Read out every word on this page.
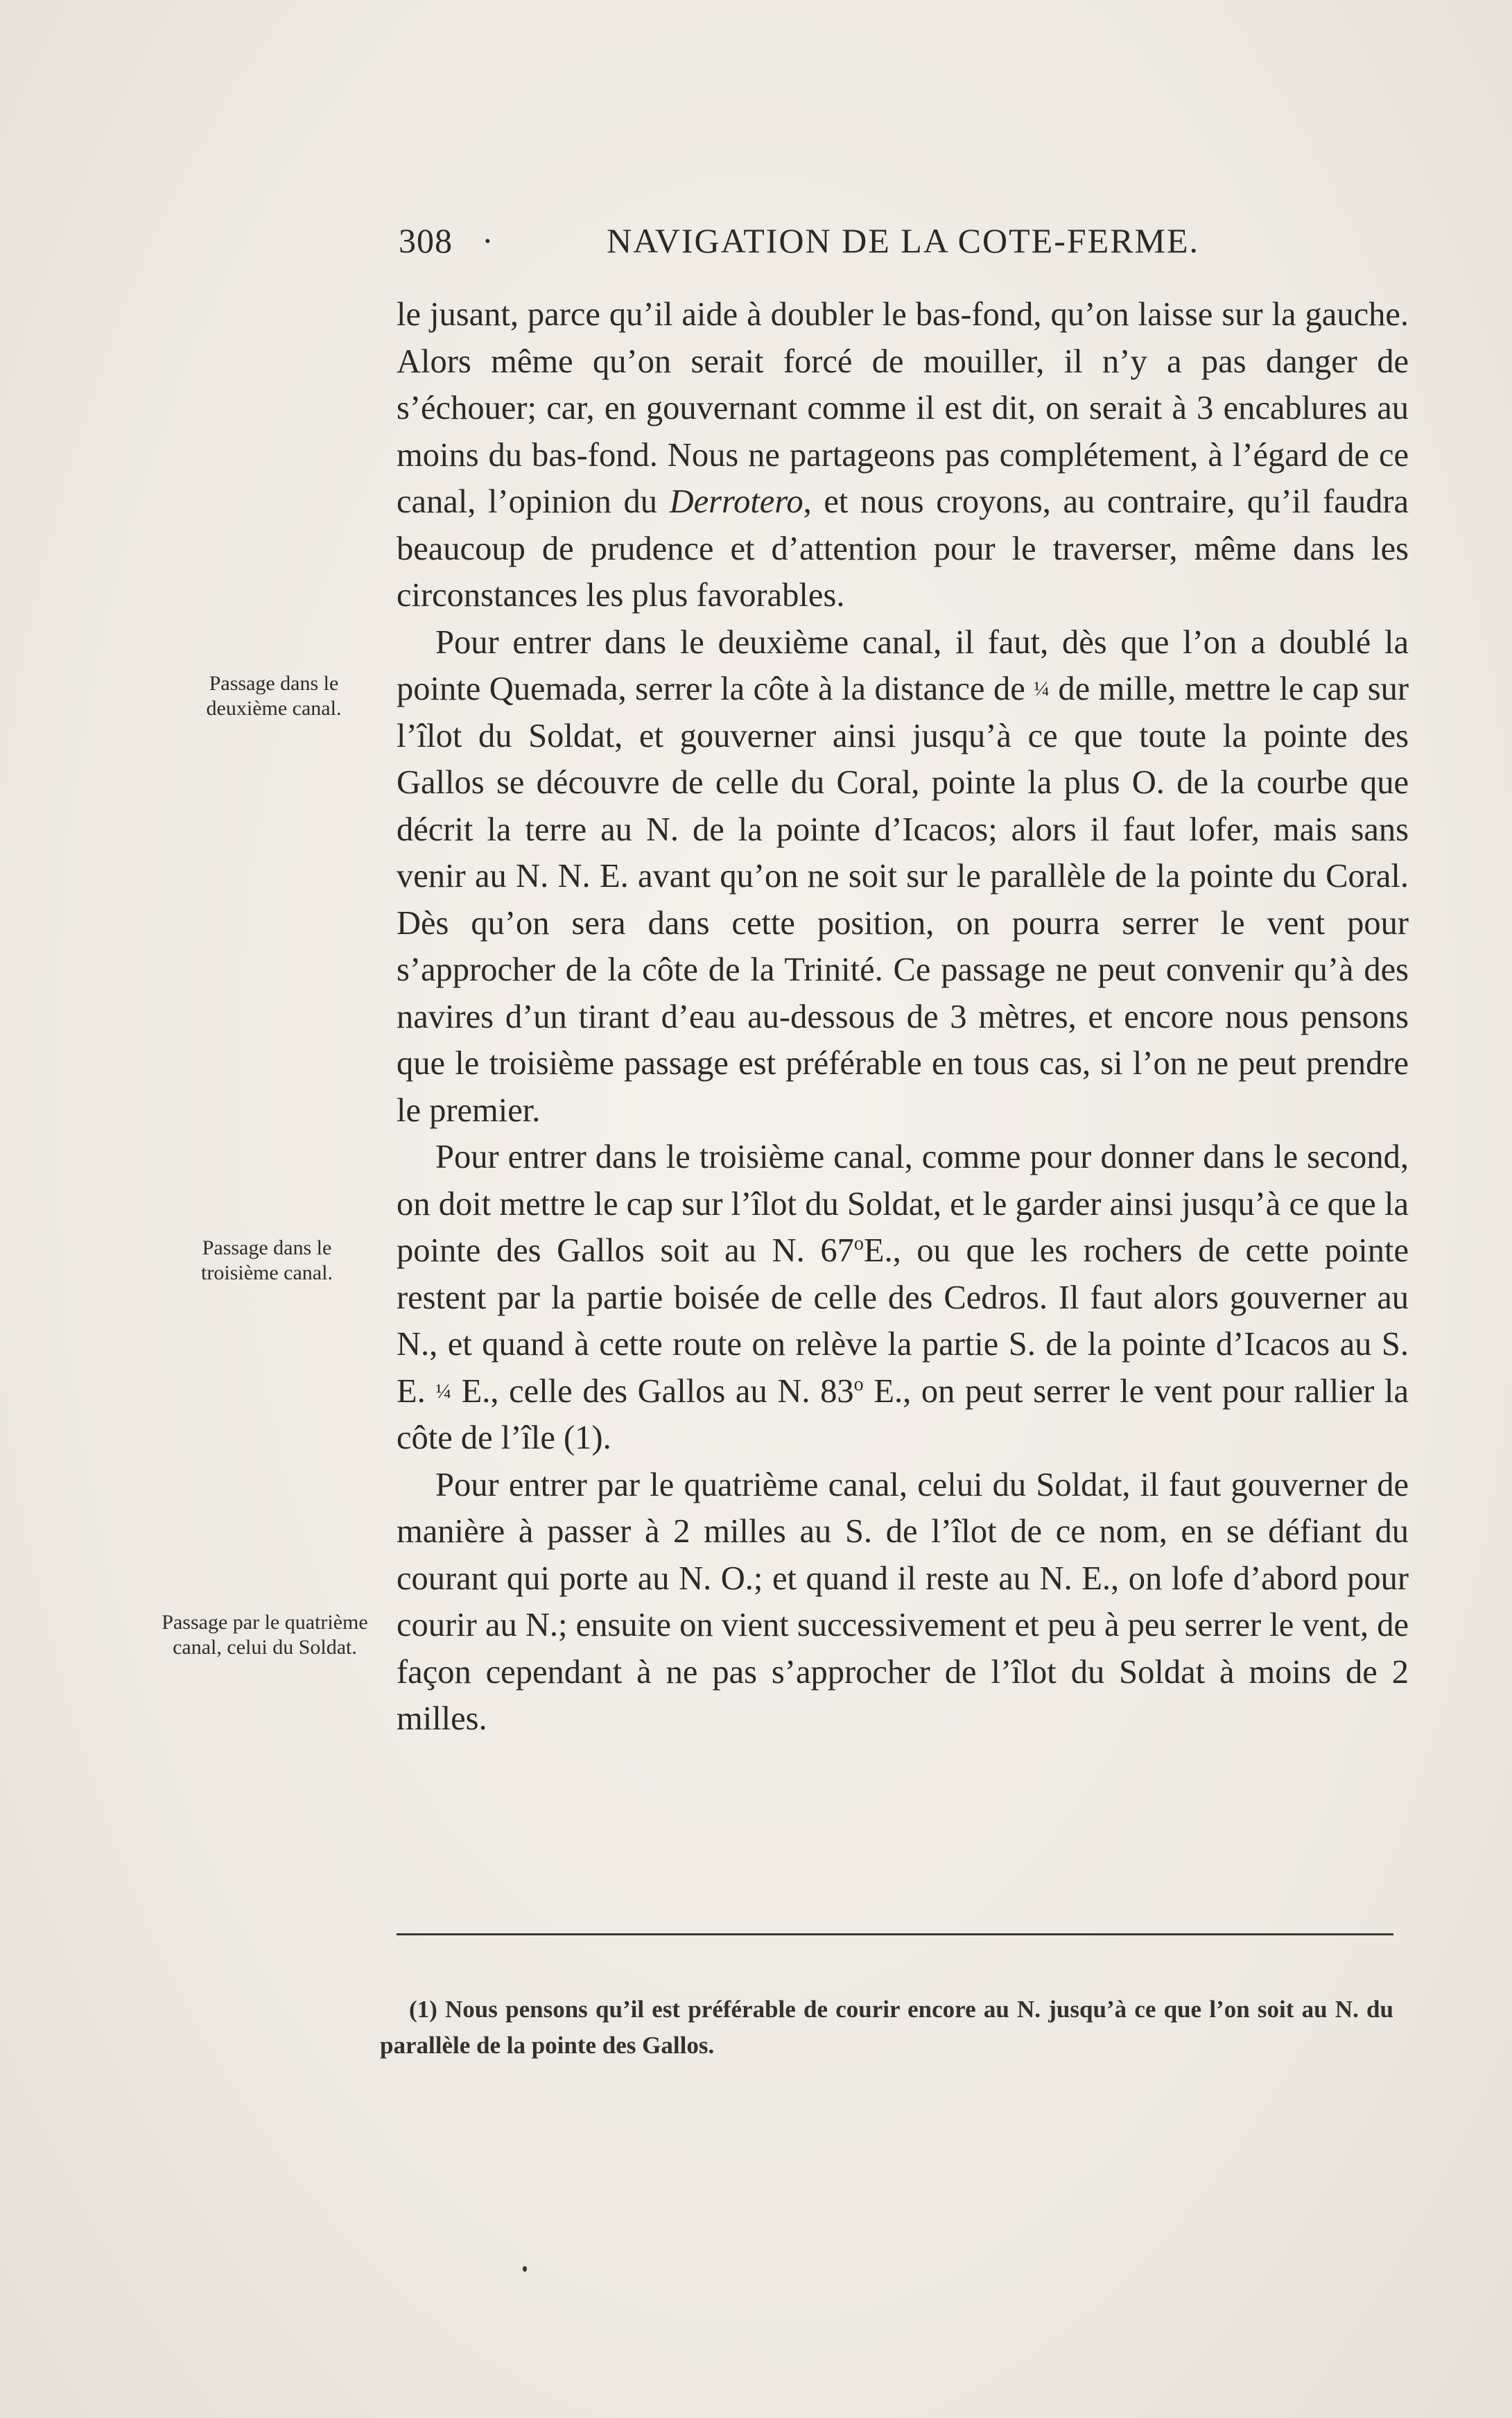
308 ·	NAVIGATION DE LA COTE-FERME.
Passage dans le deuxième canal.
Passage dans le troisième canal.
Passage par le quatrième canal, celui du Soldat.

le jusant, parce qu’il aide à doubler le bas-fond, qu’on laisse sur la gauche. Alors même qu’on serait forcé de mouiller, il n’y a pas danger de s’échouer; car, en gouvernant comme il est dit, on serait à 3 encablures au moins du bas-fond. Nous ne partageons pas complétement, à l’égard de ce canal, l’opinion du Derrotero, et nous croyons, au contraire, qu’il faudra beaucoup de prudence et d’attention pour le traverser, même dans les circonstances les plus favorables.

Pour entrer dans le deuxième canal, il faut, dès que l’on a doublé la pointe Quemada, serrer la côte à la distance de ¼ de mille, mettre le cap sur l’îlot du Soldat, et gouverner ainsi jusqu’à ce que toute la pointe des Gallos se découvre de celle du Coral, pointe la plus O. de la courbe que décrit la terre au N. de la pointe d’Icacos; alors il faut lofer, mais sans venir au N. N. E. avant qu’on ne soit sur le parallèle de la pointe du Coral. Dès qu’on sera dans cette position, on pourra serrer le vent pour s’approcher de la côte de la Trinité. Ce passage ne peut convenir qu’à des navires d’un tirant d’eau au-dessous de 3 mètres, et encore nous pensons que le troisième passage est préférable en tous cas, si l’on ne peut prendre le premier.

Pour entrer dans le troisième canal, comme pour donner dans le second, on doit mettre le cap sur l’îlot du Soldat, et le garder ainsi jusqu’à ce que la pointe des Gallos soit au N. 67$^o$E., ou que les rochers de cette pointe restent par la partie boisée de celle des Cedros. Il faut alors gouverner au N., et quand à cette route on relève la partie S. de la pointe d’Icacos au S. E. ¼ E., celle des Gallos au N. 83$^o$ E., on peut serrer le vent pour rallier la côte de l’île (1).

Pour entrer par le quatrième canal, celui du Soldat, il faut gouverner de manière à passer à 2 milles au S. de l’îlot de ce nom, en se défiant du courant qui porte au N. O.; et quand il reste au N. E., on lofe d’abord pour courir au N.; ensuite on vient successivement et peu à peu serrer le vent, de façon cependant à ne pas s’approcher de l’îlot du Soldat à moins de 2 milles.

(1) Nous pensons qu’il est préférable de courir encore au N. jusqu’à ce que l’on soit au N. du parallèle de la pointe des Gallos.
